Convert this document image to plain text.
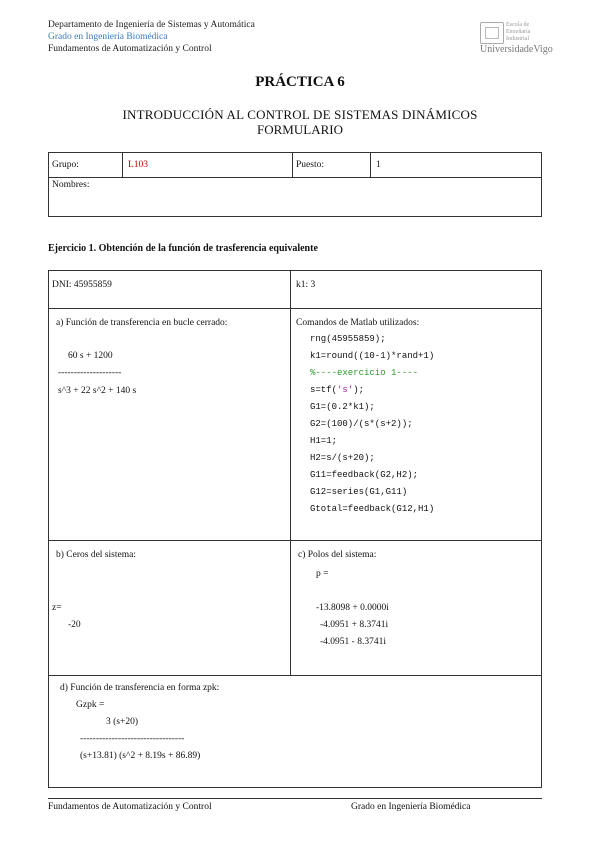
Departamento de Ingeniería de Sistemas y Automática
Grado en Ingeniería Biomédica
Fundamentos de Automatización y Control
Escola de
Enxeñaría
Industrial
UniversidadeVigo
PRÁCTICA 6
INTRODUCCIÓN AL CONTROL DE SISTEMAS DINÁMICOS
FORMULARIO
Grupo:	L103	Puesto:	1
Nombres:
Ejercicio 1. Obtención de la función de trasferencia equivalente
DNI: 45955859	k1: 3
a) Función de transferencia en bucle cerrado:
60 s + 1200
--------------------
s^3 + 22 s^2 + 140 s
Comandos de Matlab utilizados:
rng(45955859);
k1=round((10-1)*rand+1)
%----exercicio 1----
s=tf('s');
G1=(0.2*k1);
G2=(100)/(s*(s+2));
H1=1;
H2=s/(s+20);
G11=feedback(G2,H2);
G12=series(G1,G11)
Gtotal=feedback(G12,H1)
b) Ceros del sistema:
z=
-20
c) Polos del sistema:
p =
-13.8098 + 0.0000i
-4.0951 + 8.3741i
-4.0951 - 8.3741i
d) Función de transferencia en forma zpk:
Gzpk =
3 (s+20)
---------------------------------
(s+13.81) (s^2 + 8.19s + 86.89)
Fundamentos de Automatización y Control	Grado en Ingeniería Biomédica
